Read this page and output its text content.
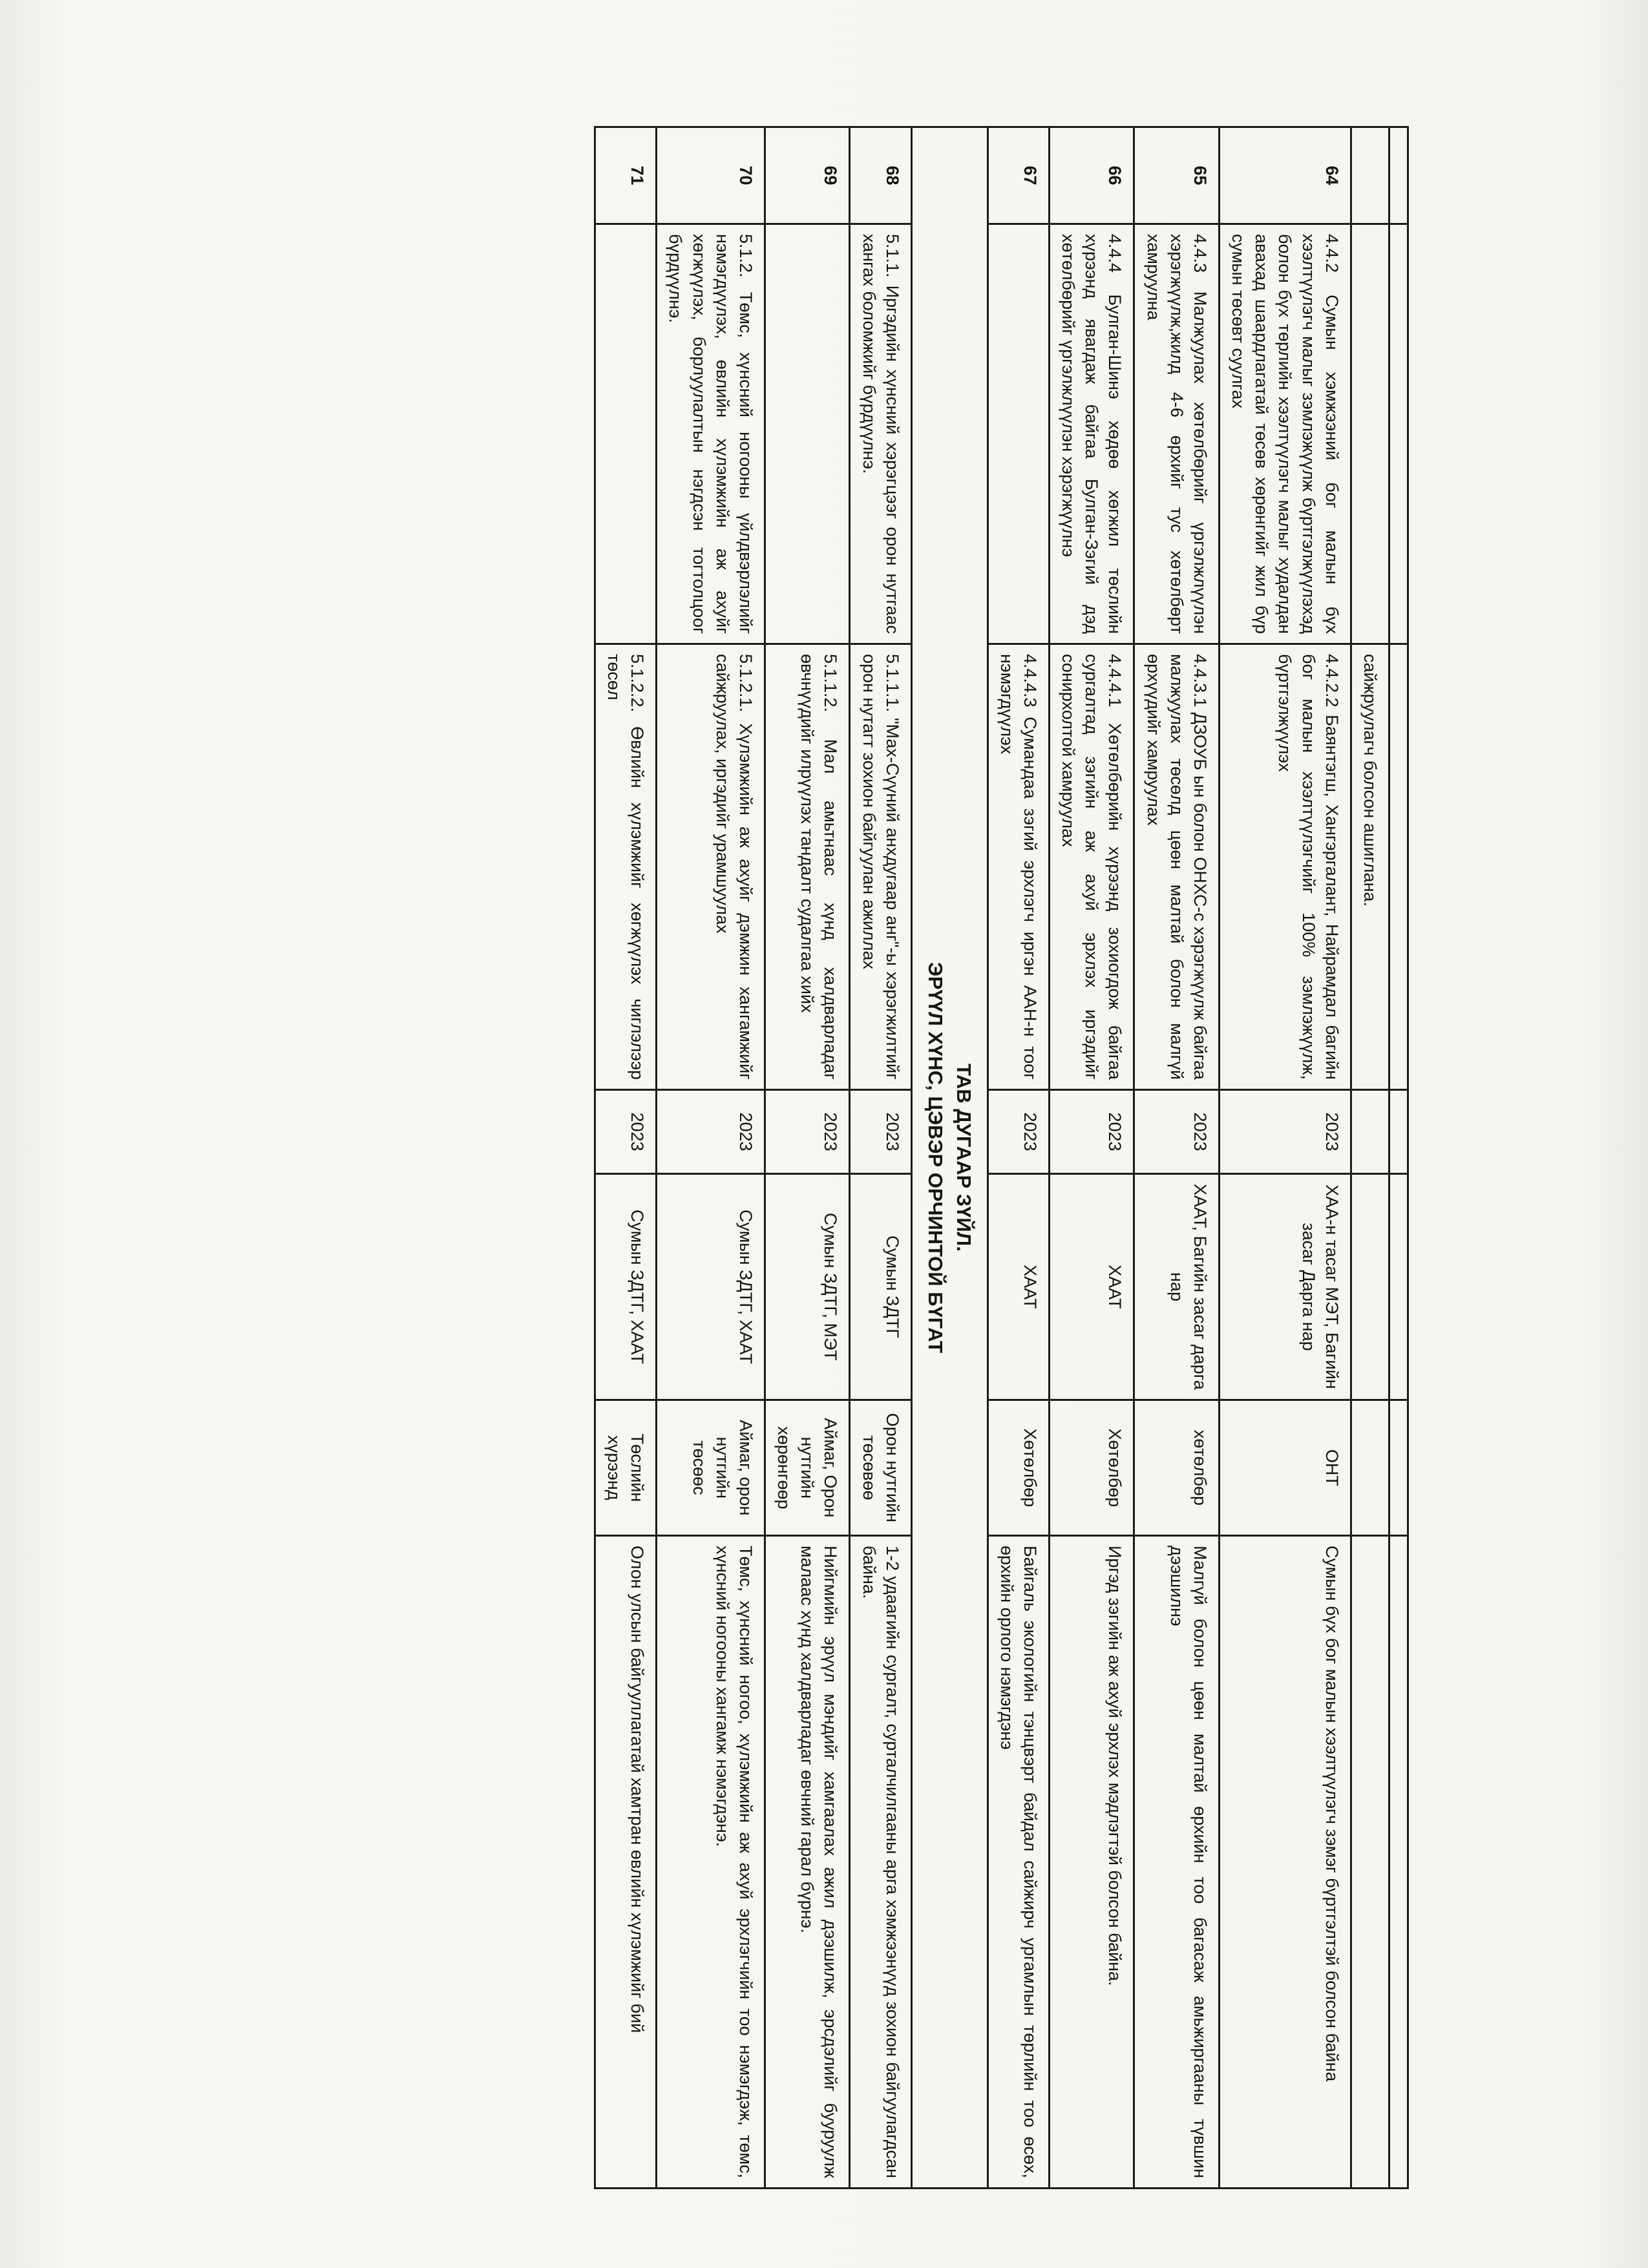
		сайжруулагч болсон ашиглана.				
64	4.4.2 Сумын хэмжээний бог малын бүх хээлтүүлэгч малыг зэмлэжүүлж бүртгэлжүүлэхэд болон бүх төрлийн хээлтүүлэгч малыг худалдан авахад шаардлагатай төсөв хөрөнгийг жил бүр сумын төсөвт суулгах	4.4.2.2 Баянтэгш, Хангэргалант, Найрамдал багийн бог малын хээлтүүлэгчийг 100% зэмлэжүүлж, бүртгэлжүүлэх	2023	ХАА-н тасаг МЭТ, Багийн засаг Дарга нар	ОНТ	Сумын бүх бог малын хээлтүүлэгч зэмэг бүртгэлтэй болсон байна
65	4.4.3 Малжуулах хөтөлбөрийг үргэлжлүүлэн хэрэгжүүлж,жилд 4-6 өрхийг тус хөтөлбөрт хамруулна	4.4.3.1 ДЗОУБ ын болон ОНХС-с хэрэгжүүлж байгаа малжуулах төсөлд цөөн малтай болон малгүй өрхүүдийг хамруулах	2023	ХААТ, Багийн засаг дарга нар	хөтөлбөр	Малгүй болон цөөн малтай өрхийн тоо багасаж амьжиргааны түвшин дээшилнэ
66	4.4.4 Булган-Шинэ хөдөө хөгжил төслийн хүрээнд явагдаж байгаа Булган-Зэгий дэд хөтөлбөрийг үргэлжлүүлэн хэрэгжүүлнэ	4.4.4.1 Хөтөлбөрийн хүрээнд зохиогдож байгаа сургалтад зэгийн аж ахуй эрхлэх иргэдийг сонирхолтой хамруулах	2023	ХААТ	Хөтөлбөр	Иргэд зэгийн аж ахуй эрхлэх мэдлэгтэй болсон байна.
67		4.4.4.3 Сумандаа зэгий эрхлэгч иргэн ААН-н тоог нэмэгдүүлэх	2023	ХААТ	Хөтөлбөр	Байгаль экологийн тэнцвэрт байдал сайжирч ургамлын төрлийн тоо өсөх, өрхийн орлого нэмэгдэнэ

ТАВ ДУГААР ЗҮЙЛ.
ЭРҮҮЛ ХҮНС, ЦЭВЭР ОРЧИНТОЙ БҮГАТ						

68	5.1.1. Иргэдийн хүнсний хэрэгцээг орон нутгаас хангах боломжийг бүрдүүлнэ.	5.1.1.1. "Мах-Сүүний анхдугаар анг"-ы хэрэгжилтийг орон нутагт зохион байгуулан ажиллах	2023	Сумын ЗДТГ	Орон нутгийн төсөвөө	1-2 удаагийн сургалт, сурталчилгааны арга хэмжээнүүд зохион байгуулагдсан байна.
69		5.1.1.2. Мал амьтнаас хүнд халдварладаг өвчнүүдийг илрүүлэх тандалт судалгаа хийх	2023	Сумын ЗДТГ, МЭТ	Аймаг, Орон нутгийн хөрөнгөөр	Нийгмийн эрүүл мэндийг хамгаалах ажил дээшилж, эрсдэлийг бууруулж малаас хүнд халдварладаг өвчний гарал бүрнэ.
70	5.1.2. Төмс, хүнсний ногооны үйлдвэрлэлийг нэмэгдүүлэх, өвлийн хүлэмжийн аж ахуйг хөгжүүлэх, борлуулалтын нэгдсэн тогтолцоог бүрдүүлнэ.	5.1.2.1. Хүлэмжийн аж ахуйг дэмжин хангамжийг сайжруулах, иргэдийг урамшуулах	2023	Сумын ЗДТГ, ХААТ	Аймаг, орон нутгийн төсөөс	Төмс, хүнсний ногоо, хүлэмжийн аж ахуй эрхлэгчийн тоо нэмэгдэж, төмс, хүнсний ногооны хангамж нэмэгдэнэ.
71		5.1.2.2. Өвлийн хүлэмжийг хөгжүүлэх чиглэлээр төсөл	2023	Сумын ЗДТГ, ХААТ	Төслийн хүрээнд	Олон улсын байгууллагатай хамтран өвлийн хүлэмжийг бий
